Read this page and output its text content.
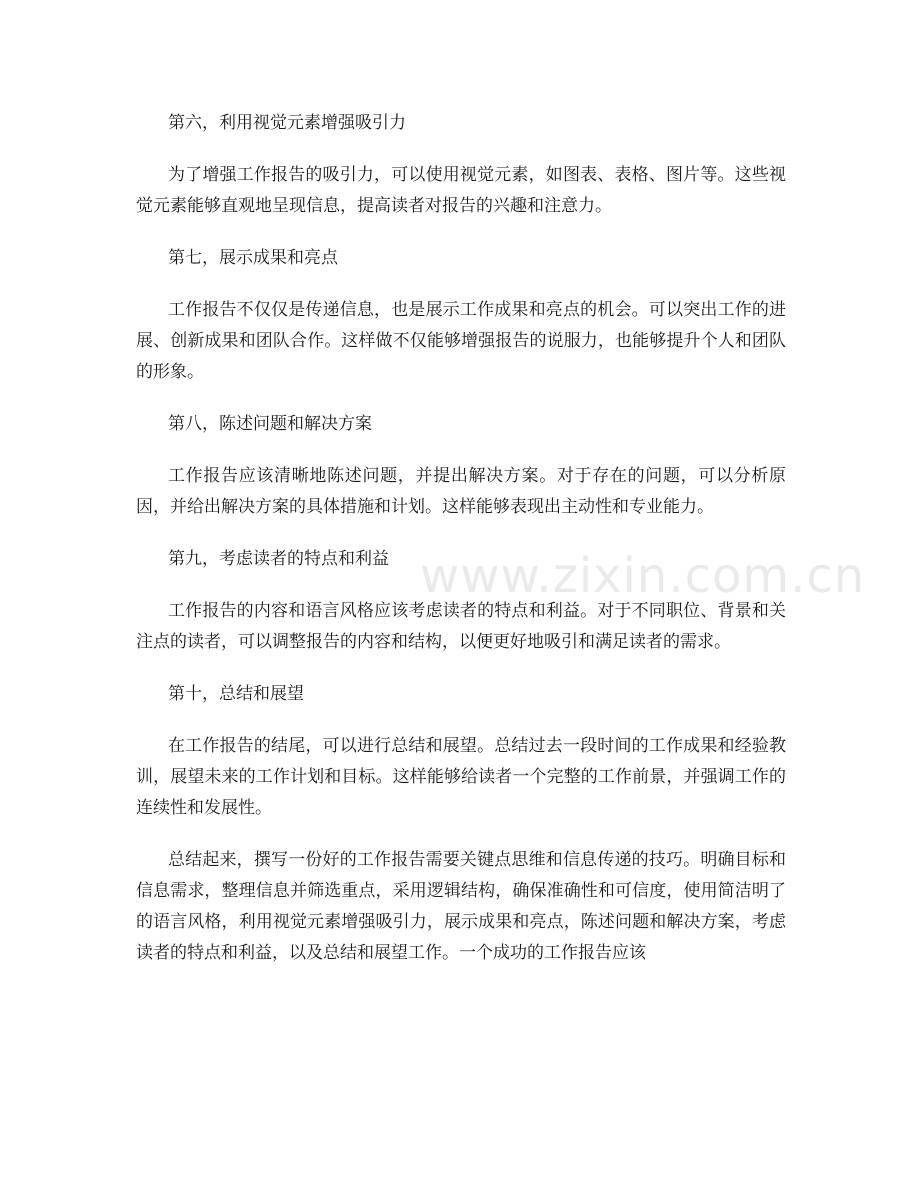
第六，利用视觉元素增强吸引力

为了增强工作报告的吸引力，可以使用视觉元素，如图表、表格、图片等。这些视觉元素能够直观地呈现信息，提高读者对报告的兴趣和注意力。

第七，展示成果和亮点

工作报告不仅仅是传递信息，也是展示工作成果和亮点的机会。可以突出工作的进展、创新成果和团队合作。这样做不仅能够增强报告的说服力，也能够提升个人和团队的形象。

第八，陈述问题和解决方案

工作报告应该清晰地陈述问题，并提出解决方案。对于存在的问题，可以分析原因，并给出解决方案的具体措施和计划。这样能够表现出主动性和专业能力。

第九，考虑读者的特点和利益

工作报告的内容和语言风格应该考虑读者的特点和利益。对于不同职位、背景和关注点的读者，可以调整报告的内容和结构，以便更好地吸引和满足读者的需求。

第十，总结和展望

在工作报告的结尾，可以进行总结和展望。总结过去一段时间的工作成果和经验教训，展望未来的工作计划和目标。这样能够给读者一个完整的工作前景，并强调工作的连续性和发展性。

总结起来，撰写一份好的工作报告需要关键点思维和信息传递的技巧。明确目标和信息需求，整理信息并筛选重点，采用逻辑结构，确保准确性和可信度，使用简洁明了的语言风格，利用视觉元素增强吸引力，展示成果和亮点，陈述问题和解决方案，考虑读者的特点和利益，以及总结和展望工作。一个成功的工作报告应该

www.zixin.com.cn
